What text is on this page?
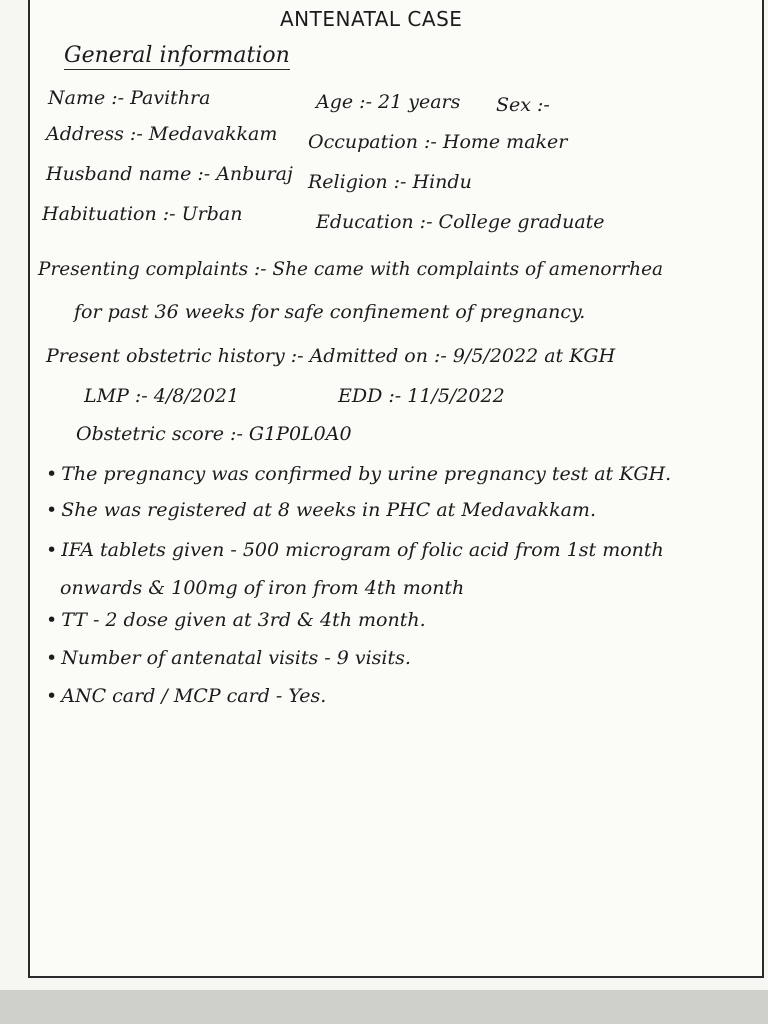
ANTENATAL CASE
General information
Name :- Pavithra	Age :- 21 years Sex :-
Address :- Medavakkam Occupation :- Home maker
Husband name :- Anburaj Religion :- Hindu
Habituation :- Urban	Education :- College graduate
Presenting complaints :- She came with complaints of amenorrhea
for past 36 weeks for safe confinement of pregnancy.
Present obstetric history :- Admitted on :- 9/5/2022 at KGH
LMP :- 4/8/2021	EDD :- 11/5/2022
Obstetric score :- G1P0L0A0
• The pregnancy was confirmed by urine pregnancy test at KGH.
• She was registered at 8 weeks in PHC at Medavakkam.
• IFA tablets given - 500 microgram of folic acid from 1st month
onwards & 100mg of iron from 4th month
• TT - 2 dose given at 3rd & 4th month.
• Number of antenatal visits - 9 visits.
• ANC card / MCP card - Yes.
